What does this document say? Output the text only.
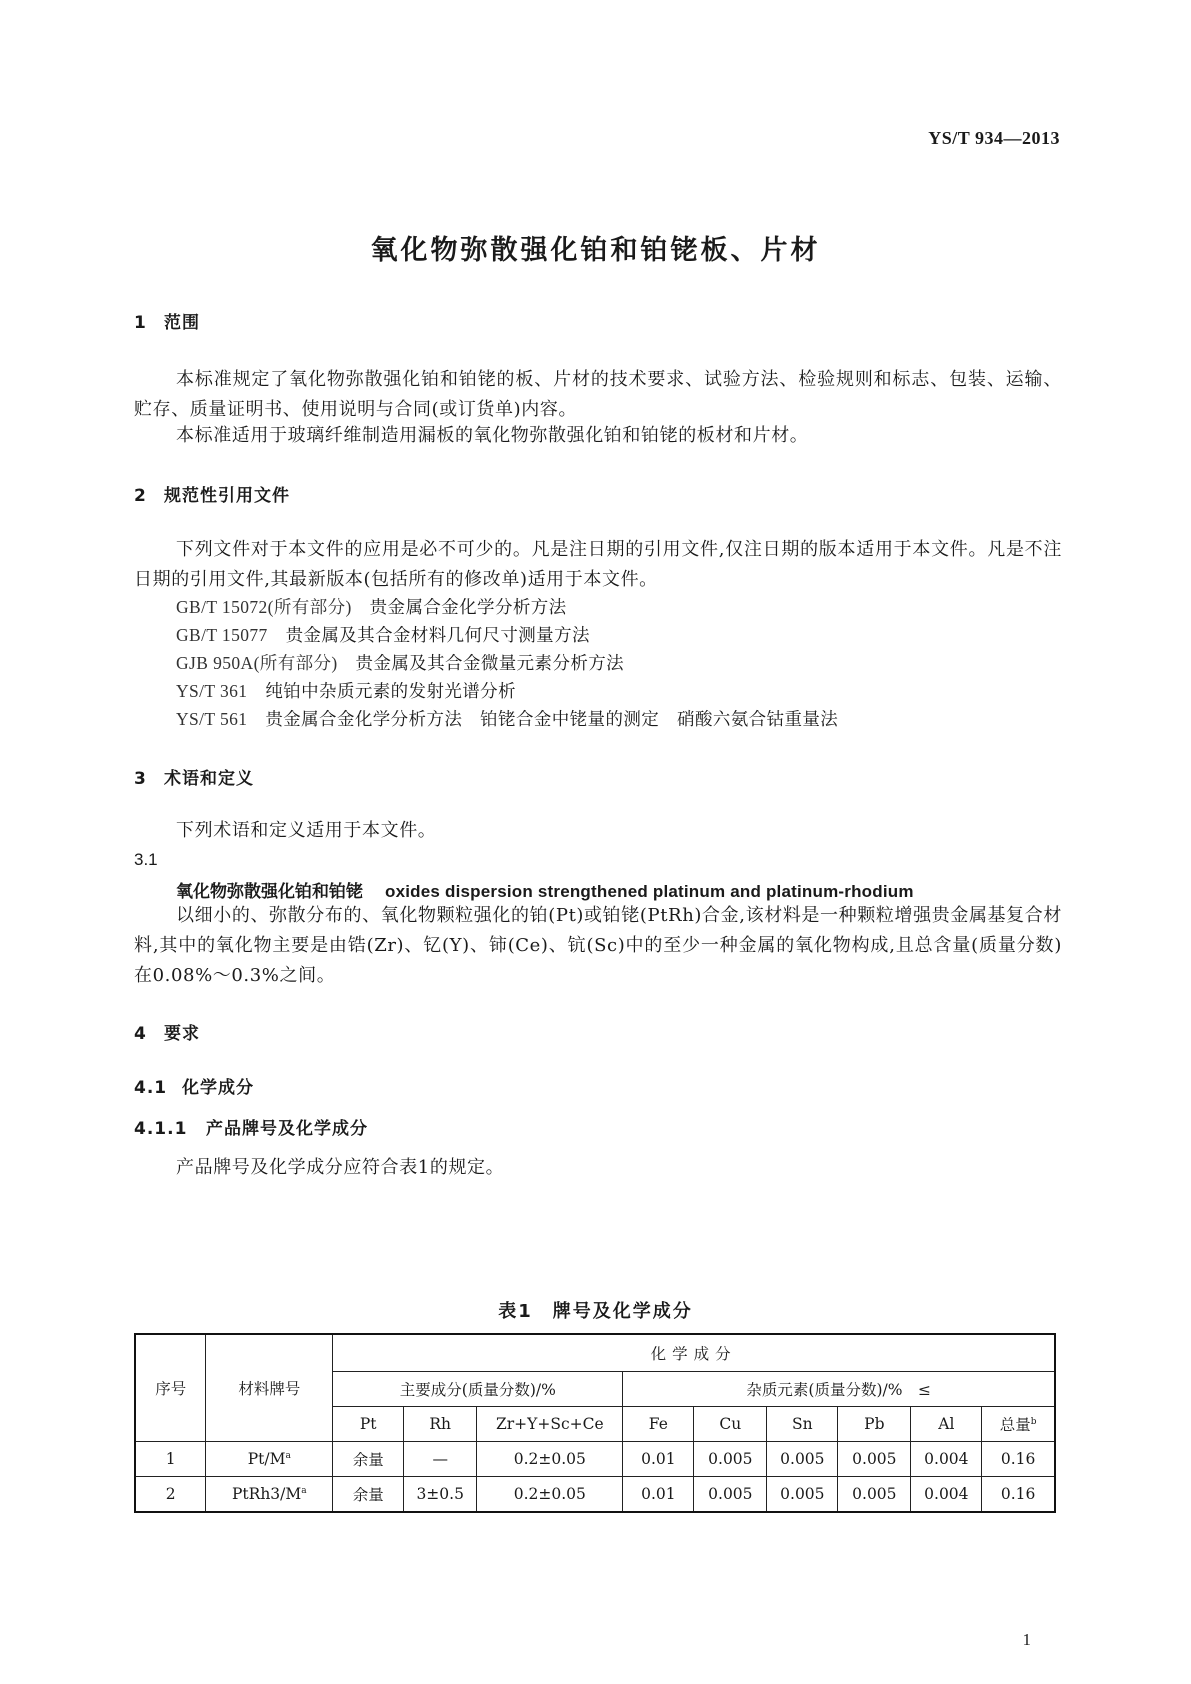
YS/T 934—2013
氧化物弥散强化铂和铂铑板、片材
1 范围
本标准规定了氧化物弥散强化铂和铂铑的板、片材的技术要求、试验方法、检验规则和标志、包装、运输、贮存、质量证明书、使用说明与合同(或订货单)内容。
本标准适用于玻璃纤维制造用漏板的氧化物弥散强化铂和铂铑的板材和片材。
2 规范性引用文件
下列文件对于本文件的应用是必不可少的。凡是注日期的引用文件,仅注日期的版本适用于本文件。凡是不注日期的引用文件,其最新版本(包括所有的修改单)适用于本文件。
GB/T 15072(所有部分)　 贵金属合金化学分析方法
GB/T 15077　 贵金属及其合金材料几何尺寸测量方法
GJB 950A(所有部分)　 贵金属及其合金微量元素分析方法
YS/T 361　 纯铂中杂质元素的发射光谱分析
YS/T 561　 贵金属合金化学分析方法　铂铑合金中铑量的测定　硝酸六氨合钴重量法
3 术语和定义
下列术语和定义适用于本文件。
3.1
氧化物弥散强化铂和铂铑 oxides dispersion strengthened platinum and platinum-rhodium
以细小的、弥散分布的、氧化物颗粒强化的铂(Pt)或铂铑(PtRh)合金,该材料是一种颗粒增强贵金属基复合材料,其中的氧化物主要是由锆(Zr)、钇(Y)、铈(Ce)、钪(Sc)中的至少一种金属的氧化物构成,且总含量(质量分数)在0.08%～0.3%之间。
4 要求
4.1 化学成分
4.1.1 产品牌号及化学成分
产品牌号及化学成分应符合表1的规定。
表1　牌号及化学成分
序号	材料牌号	化学成分								
		主要成分(质量分数)/%			杂质元素(质量分数)/%　≤					
		Pt	Rh	Zr+Y+Sc+Ce	Fe	Cu	Sn	Pb	Al	总量$^b$
1	$Pt/M^a$	余量	—	0.2±0.05	0.01	0.005	0.005	0.005	0.004	0.16
2	$PtRh3/M^a$	余量	3±0.5	0.2±0.05	0.01	0.005	0.005	0.005	0.004	0.16
1
